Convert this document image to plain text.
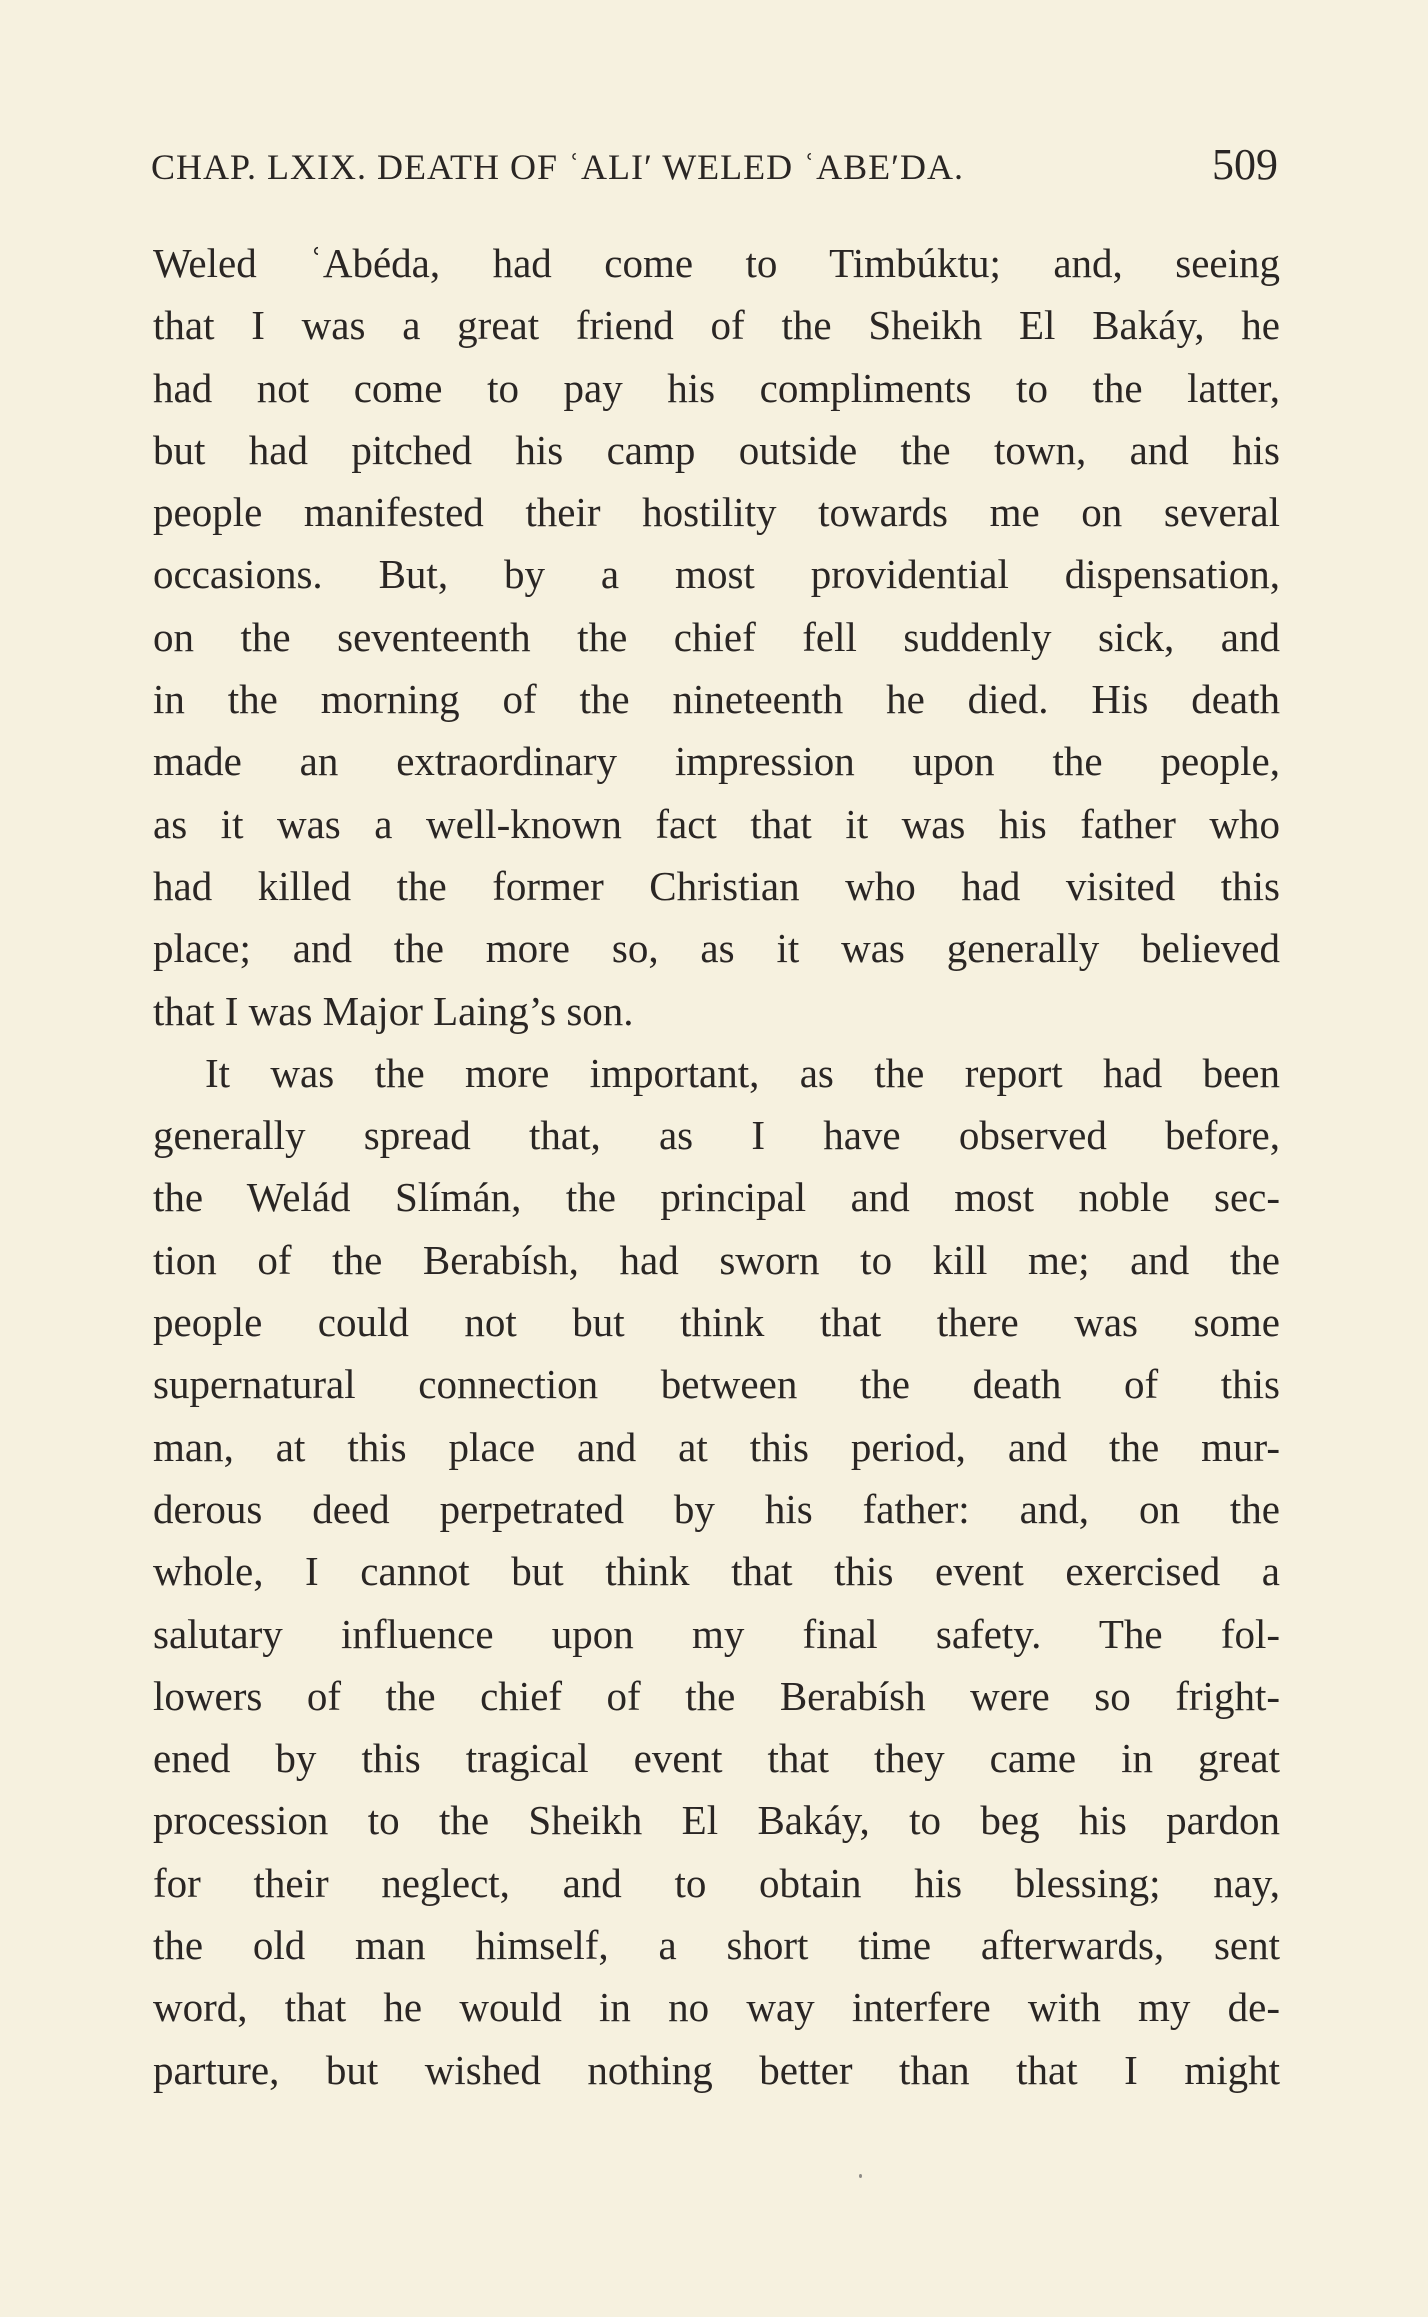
CHAP. LXIX. DEATH OF ʿALIʹ WELED ʿABEʹDA.	509
Weled ʿAbéda, had come to Timbúktu; and, seeing
that I was a great friend of the Sheikh El Bakáy, he
had not come to pay his compliments to the latter,
but had pitched his camp outside the town, and his
people manifested their hostility towards me on several
occasions. But, by a most providential dispensation,
on the seventeenth the chief fell suddenly sick, and
in the morning of the nineteenth he died. His death
made an extraordinary impression upon the people,
as it was a well-known fact that it was his father who
had killed the former Christian who had visited this
place; and the more so, as it was generally believed
that I was Major Laing’s son.
It was the more important, as the report had been
generally spread that, as I have observed before,
the Welád Slímán, the principal and most noble sec-
tion of the Berabísh, had sworn to kill me; and the
people could not but think that there was some
supernatural connection between the death of this
man, at this place and at this period, and the mur-
derous deed perpetrated by his father: and, on the
whole, I cannot but think that this event exercised a
salutary influence upon my final safety. The fol-
lowers of the chief of the Berabísh were so fright-
ened by this tragical event that they came in great
procession to the Sheikh El Bakáy, to beg his pardon
for their neglect, and to obtain his blessing; nay,
the old man himself, a short time afterwards, sent
word, that he would in no way interfere with my de-
parture, but wished nothing better than that I might
